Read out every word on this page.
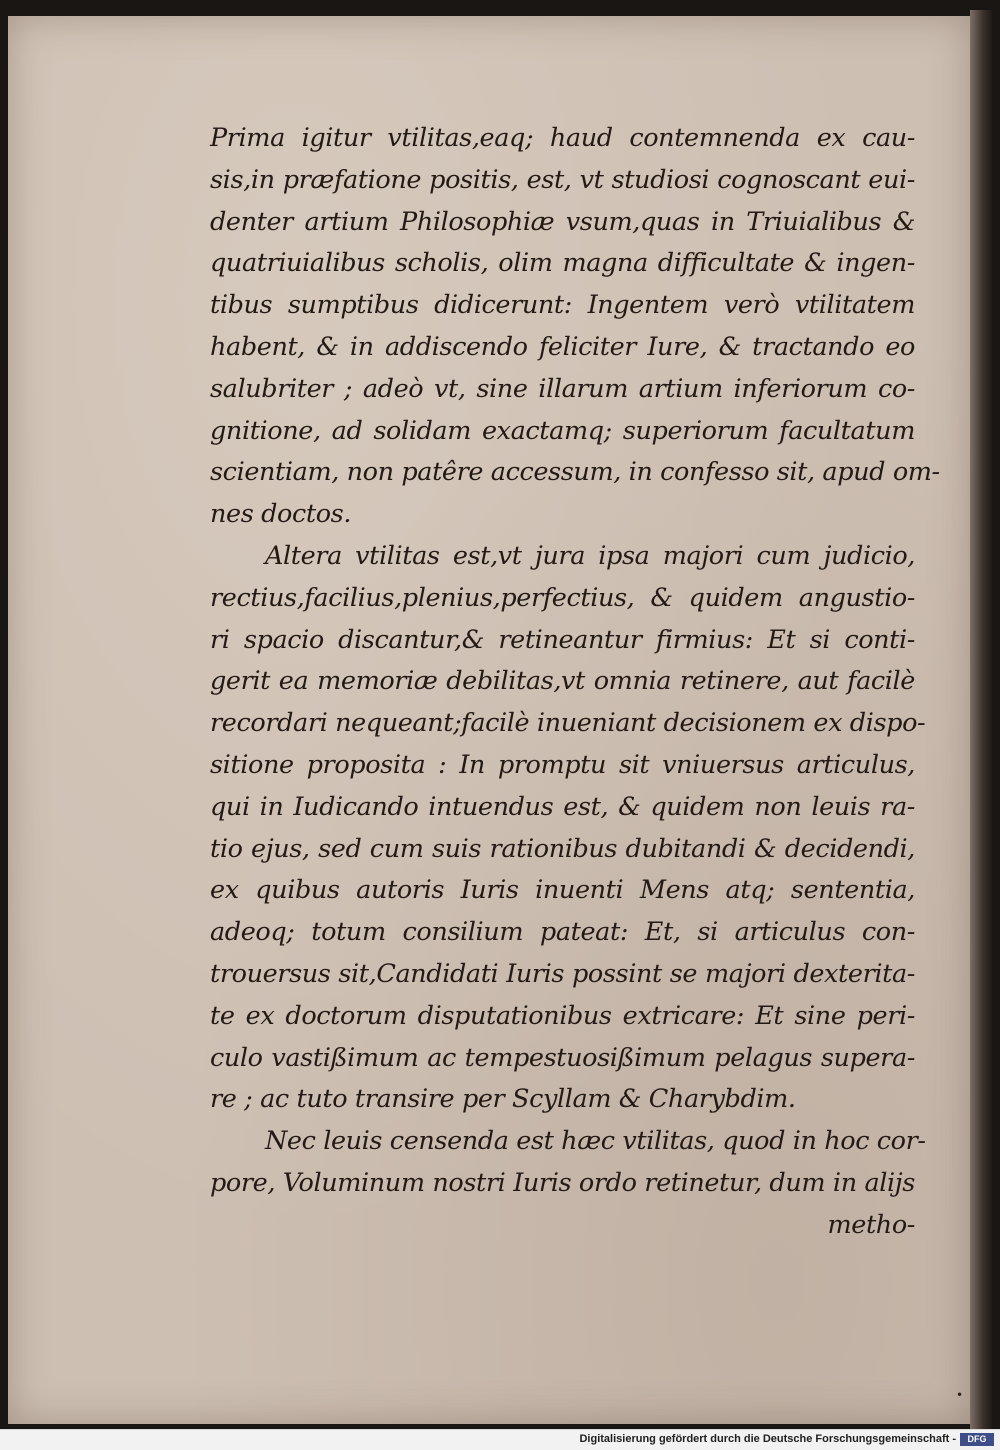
Prima igitur vtilitas,eaq; haud contemnenda ex cau-
sis,in præfatione positis, est, vt studiosi cognoscant eui-
denter artium Philosophiæ vsum,quas in Triuialibus &
quatriuialibus scholis, olim magna difficultate & ingen-
tibus sumptibus didicerunt: Ingentem verò vtilitatem
habent, & in addiscendo feliciter Iure, & tractando eo
salubriter ; adeò vt, sine illarum artium inferiorum co-
gnitione, ad solidam exactamq; superiorum facultatum
scientiam, non patêre accessum, in confesso sit, apud om-
nes doctos.

Altera vtilitas est,vt jura ipsa majori cum judicio,
rectius,facilius,plenius,perfectius, & quidem angustio-
ri spacio discantur,& retineantur firmius: Et si conti-
gerit ea memoriæ debilitas,vt omnia retinere, aut facilè
recordari nequeant;facilè inueniant decisionem ex dispo-
sitione proposita : In promptu sit vniuersus articulus,
qui in Iudicando intuendus est, & quidem non leuis ra-
tio ejus, sed cum suis rationibus dubitandi & decidendi,
ex quibus autoris Iuris inuenti Mens atq; sententia,
adeoq; totum consilium pateat: Et, si articulus con-
trouersus sit,Candidati Iuris possint se majori dexterita-
te ex doctorum disputationibus extricare: Et sine peri-
culo vastißimum ac tempestuosißimum pelagus supera-
re ; ac tuto transire per Scyllam & Charybdim.

Nec leuis censenda est hæc vtilitas, quod in hoc cor-
pore, Voluminum nostri Iuris ordo retinetur, dum in alijs
metho-

•
Digitalisierung gefördert durch die Deutsche Forschungsgemeinschaft -	DFG
